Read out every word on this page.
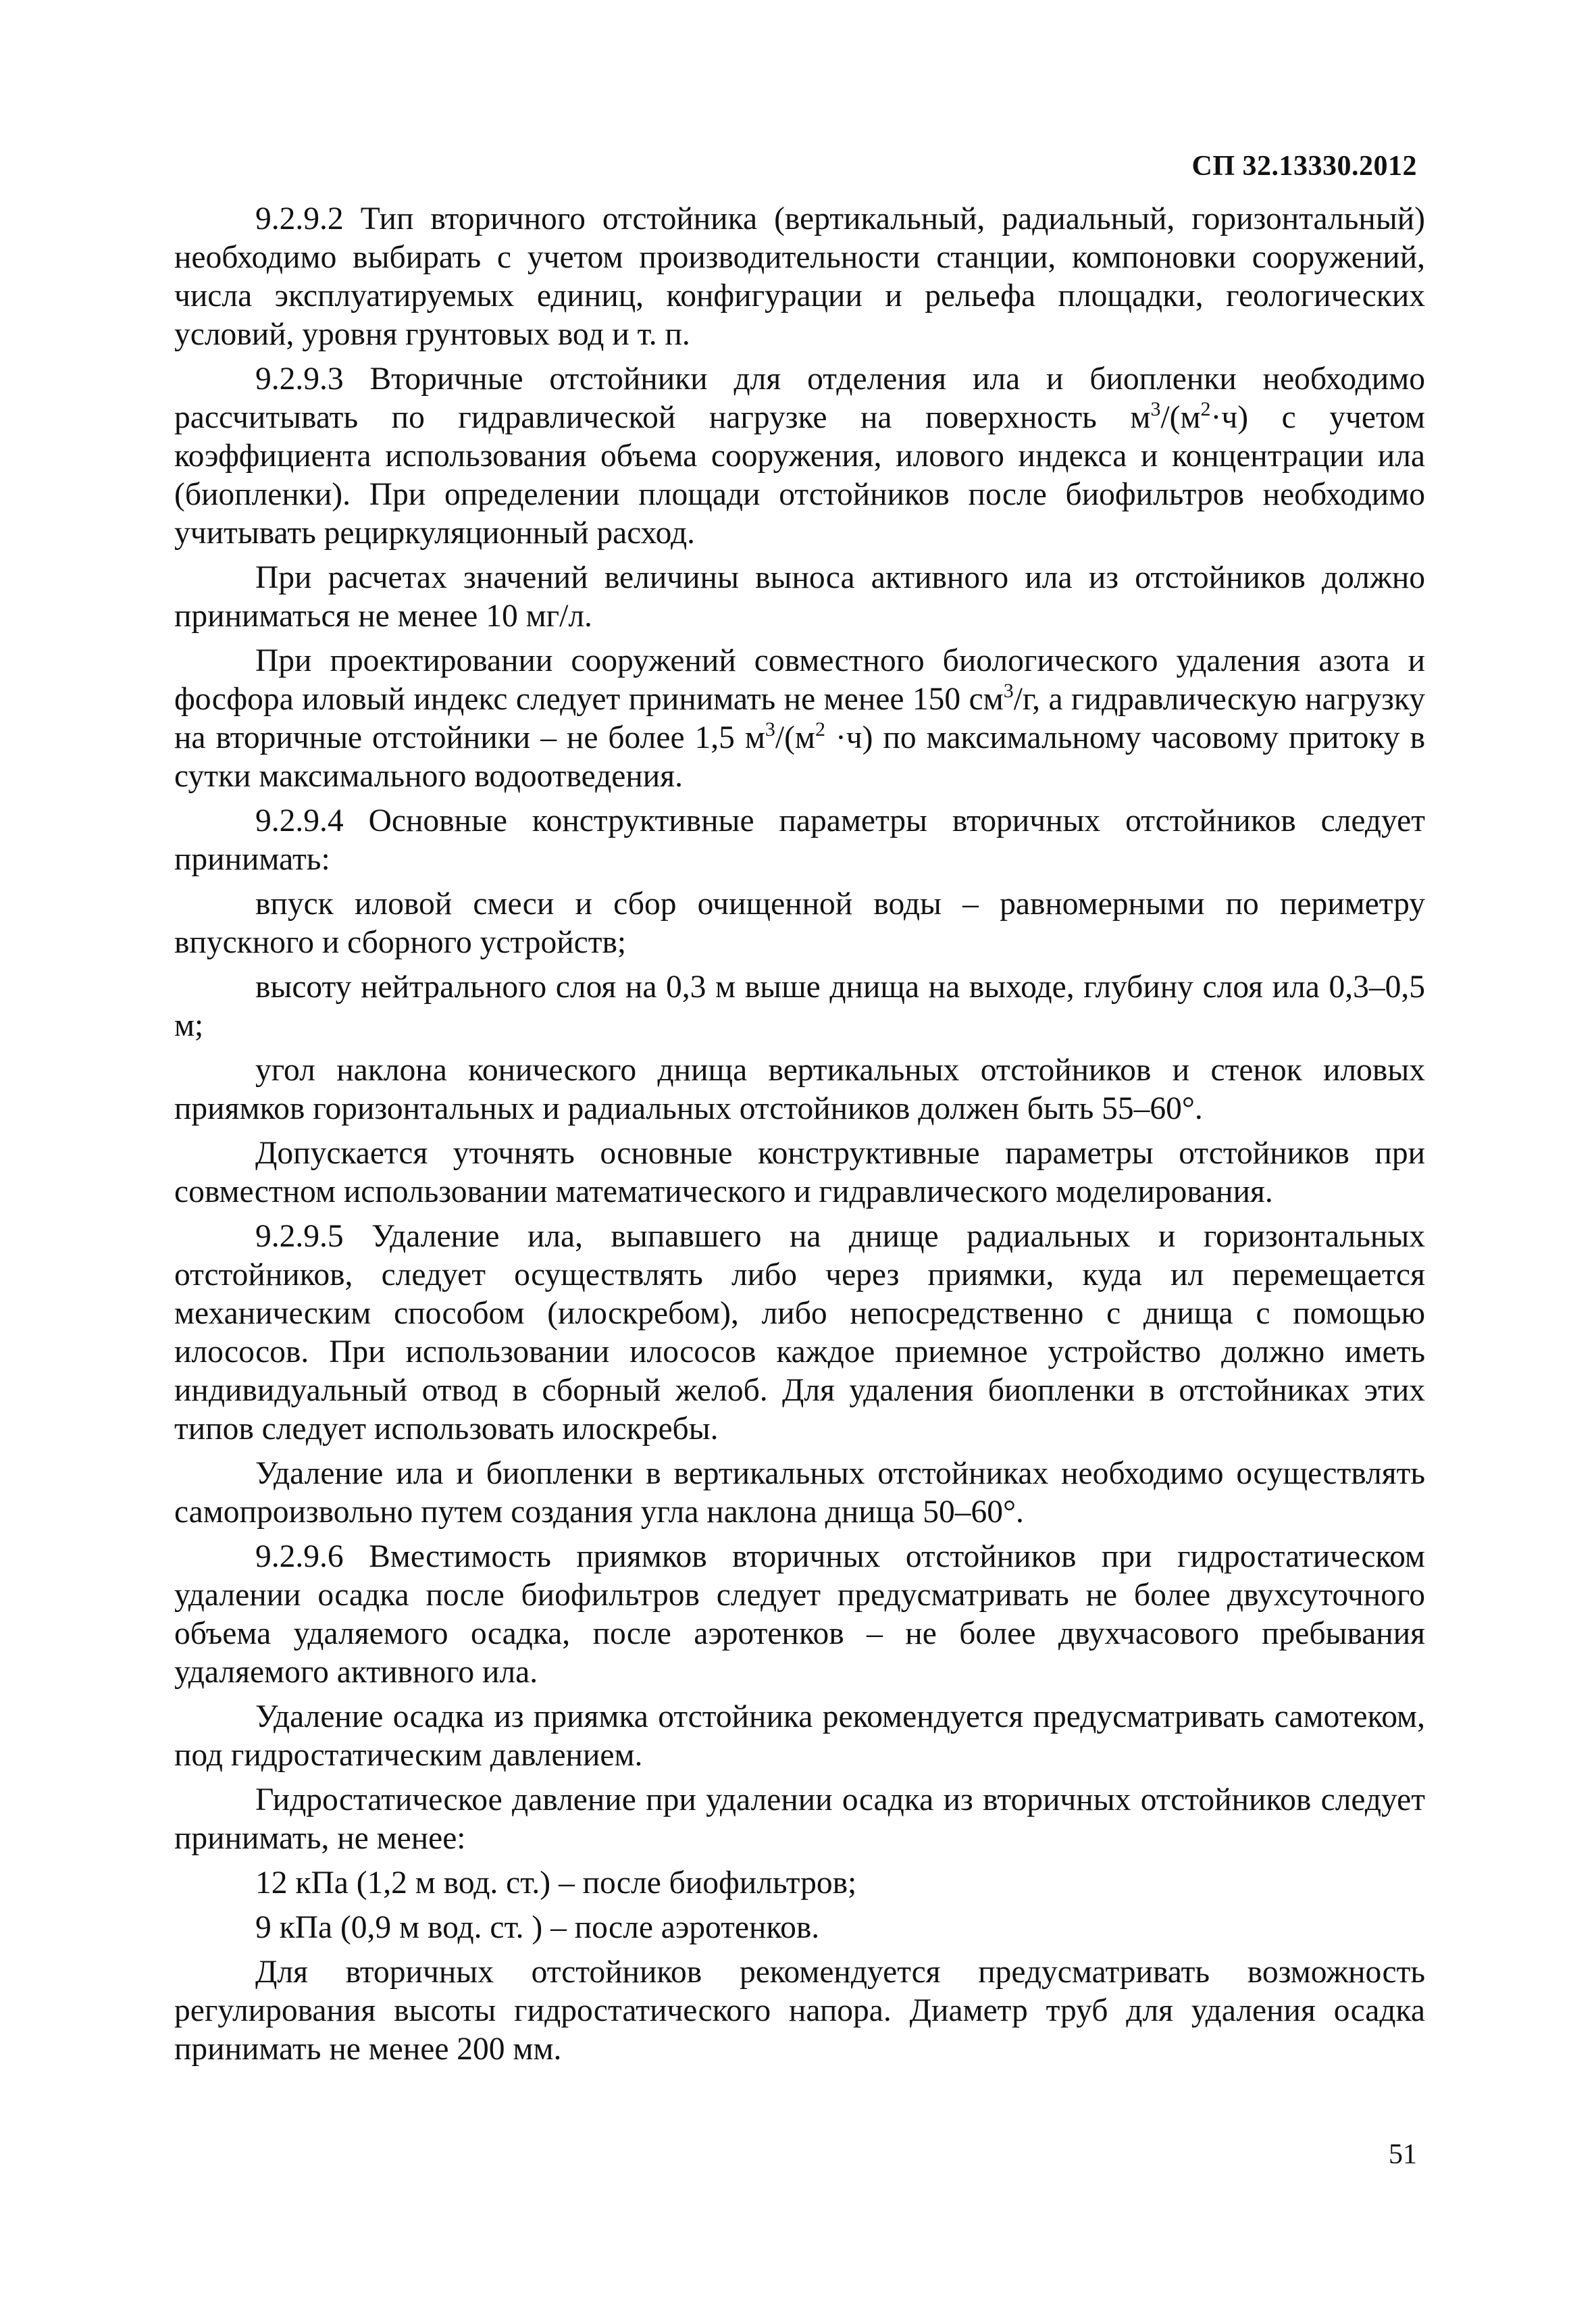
СП 32.13330.2012

9.2.9.2 Тип вторичного отстойника (вертикальный, радиальный, горизонтальный) необходимо выбирать с учетом производительности станции, компоновки сооружений, числа эксплуатируемых единиц, конфигурации и рельефа площадки, геологических условий, уровня грунтовых вод и т. п.

9.2.9.3 Вторичные отстойники для отделения ила и биопленки необходимо рассчитывать по гидравлической нагрузке на поверхность $м^3/(м^2\cdot ч)$ с учетом коэффициента использования объема сооружения, илового индекса и концентрации ила (биопленки). При определении площади отстойников после биофильтров необходимо учитывать рециркуляционный расход.

При расчетах значений величины выноса активного ила из отстойников должно приниматься не менее 10 мг/л.

При проектировании сооружений совместного биологического удаления азота и фосфора иловый индекс следует принимать не менее 150 $см^3/г$, а гидравлическую нагрузку на вторичные отстойники – не более 1,5 $м^3/(м^2 \cdot ч)$ по максимальному часовому притоку в сутки максимального водоотведения.

9.2.9.4 Основные конструктивные параметры вторичных отстойников следует принимать:

впуск иловой смеси и сбор очищенной воды – равномерными по периметру впускного и сборного устройств;

высоту нейтрального слоя на 0,3 м выше днища на выходе, глубину слоя ила 0,3–0,5 м;

угол наклона конического днища вертикальных отстойников и стенок иловых приямков горизонтальных и радиальных отстойников должен быть 55–60°.

Допускается уточнять основные конструктивные параметры отстойников при совместном использовании математического и гидравлического моделирования.

9.2.9.5 Удаление ила, выпавшего на днище радиальных и горизонтальных отстойников, следует осуществлять либо через приямки, куда ил перемещается механическим способом (илоскребом), либо непосредственно с днища с помощью илососов. При использовании илососов каждое приемное устройство должно иметь индивидуальный отвод в сборный желоб. Для удаления биопленки в отстойниках этих типов следует использовать илоскребы.

Удаление ила и биопленки в вертикальных отстойниках необходимо осуществлять самопроизвольно путем создания угла наклона днища 50–60°.

9.2.9.6 Вместимость приямков вторичных отстойников при гидростатическом удалении осадка после биофильтров следует предусматривать не более двухсуточного объема удаляемого осадка, после аэротенков – не более двухчасового пребывания удаляемого активного ила.

Удаление осадка из приямка отстойника рекомендуется предусматривать самотеком, под гидростатическим давлением.

Гидростатическое давление при удалении осадка из вторичных отстойников следует принимать, не менее:

12 кПа (1,2 м вод. ст.) – после биофильтров;

9 кПа (0,9 м вод. ст. ) – после аэротенков.

Для вторичных отстойников рекомендуется предусматривать возможность регулирования высоты гидростатического напора. Диаметр труб для удаления осадка принимать не менее 200 мм.

51
